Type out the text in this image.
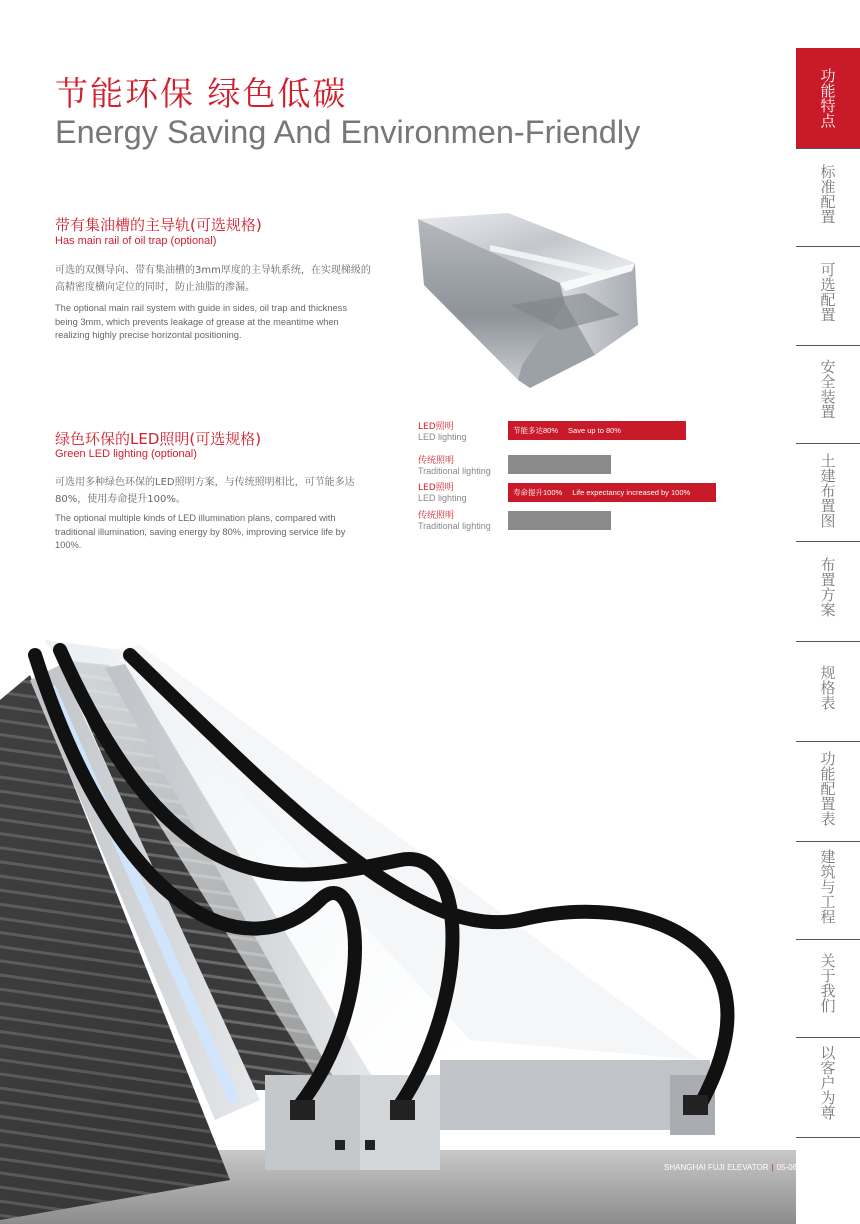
节能环保 绿色低碳
Energy Saving And Environmen-Friendly
带有集油槽的主导轨(可选规格)
Has main rail of oil trap (optional)
可选的双侧导向、带有集油槽的3mm厚度的主导轨系统，在实现梯级的高精密度横向定位的同时，防止油脂的渗漏。
The optional main rail system with guide in sides, oil trap and thickness being 3mm, which prevents leakage of grease at the meantime when realizing highly precise horizontal positioning.
绿色环保的LED照明(可选规格)
Green LED lighting (optional)
可选用多种绿色环保的LED照明方案，与传统照明相比，可节能多达80%，使用寿命提升100%。
The optional multiple kinds of LED illumination plans, compared with traditional illumination, saving energy by 80%, improving service life by 100%.
LED照明
LED lighting
节能多达80% Save up to 80%
传统照明
Traditional lighting
LED照明
LED lighting
寿命提升100% Life expectancy increased by 100%
传统照明
Traditional lighting
功能特点
标准配置
可选配置
安全装置
土建布置图
布置方案
规格表
功能配置表
建筑与工程
关于我们
以客户为尊
SHANGHAI FUJI ELEVATOR | 05-06
